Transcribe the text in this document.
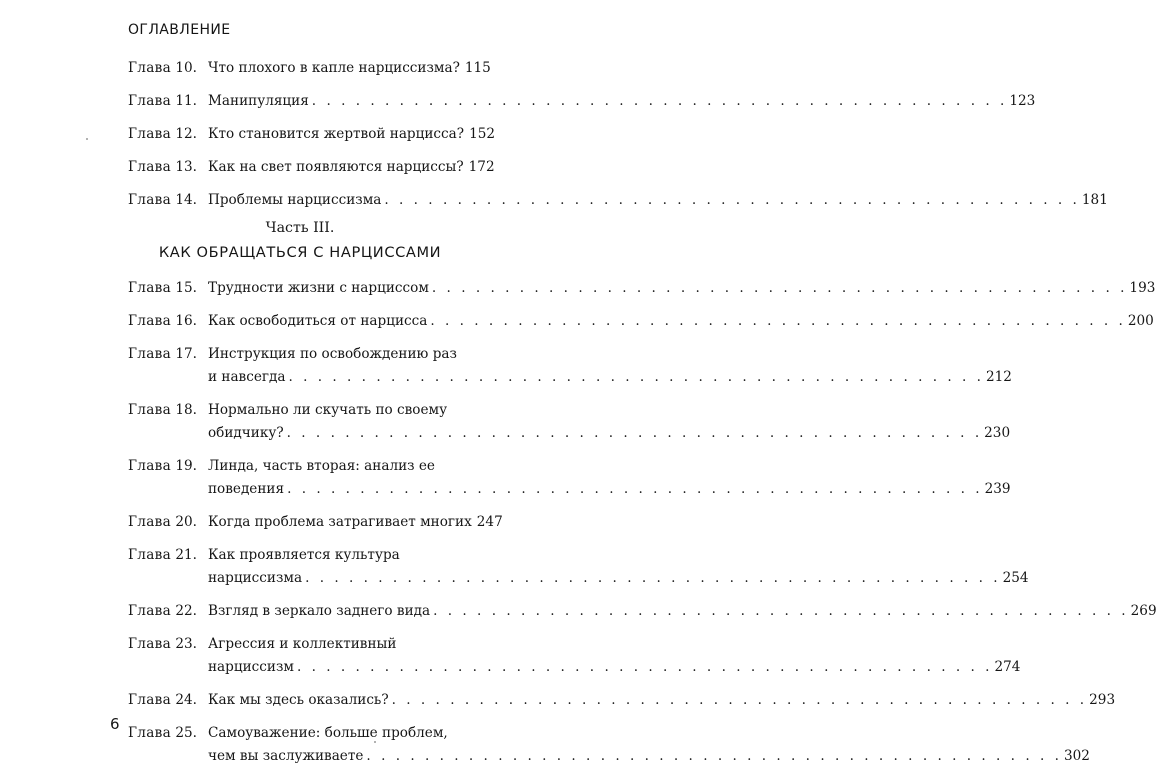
ОГЛАВЛЕНИЕ
Глава 10. Что плохого в капле нарциссизма? 115
Глава 11. Манипуляция . . . . . . . . . . . . . . . . . . . . . . . . . . . . . . . . . . . . . . . . . . . . . . . . 123
Глава 12. Кто становится жертвой нарцисса? 152
Глава 13. Как на свет появляются нарциссы? 172
Глава 14. Проблемы нарциссизма . . . . . . . . . . . . . . . . . . . . . . . . . . . . . . . . . . . . . . . . . . . . . . . . 181
Часть III.
КАК ОБРАЩАТЬСЯ С НАРЦИССАМИ
Глава 15. Трудности жизни с нарциссом . . . . . . . . . . . . . . . . . . . . . . . . . . . . . . . . . . . . . . . . . . . . . . . . 193
Глава 16. Как освободиться от нарцисса . . . . . . . . . . . . . . . . . . . . . . . . . . . . . . . . . . . . . . . . . . . . . . . . 200
Глава 17. Инструкция по освобождению раз
и навсегда . . . . . . . . . . . . . . . . . . . . . . . . . . . . . . . . . . . . . . . . . . . . . . . . 212
Глава 18. Нормально ли скучать по своему
обидчику? . . . . . . . . . . . . . . . . . . . . . . . . . . . . . . . . . . . . . . . . . . . . . . . . 230
Глава 19. Линда, часть вторая: анализ ее
поведения . . . . . . . . . . . . . . . . . . . . . . . . . . . . . . . . . . . . . . . . . . . . . . . . 239
Глава 20. Когда проблема затрагивает многих 247
Глава 21. Как проявляется культура
нарциссизма . . . . . . . . . . . . . . . . . . . . . . . . . . . . . . . . . . . . . . . . . . . . . . . . 254
Глава 22. Взгляд в зеркало заднего вида . . . . . . . . . . . . . . . . . . . . . . . . . . . . . . . . . . . . . . . . . . . . . . . . 269
Глава 23. Агрессия и коллективный
нарциссизм . . . . . . . . . . . . . . . . . . . . . . . . . . . . . . . . . . . . . . . . . . . . . . . . 274
Глава 24. Как мы здесь оказались? . . . . . . . . . . . . . . . . . . . . . . . . . . . . . . . . . . . . . . . . . . . . . . . . 293
Глава 25. Самоуважение: больше проблем,
чем вы заслуживаете . . . . . . . . . . . . . . . . . . . . . . . . . . . . . . . . . . . . . . . . . . . . . . . . 302
6
